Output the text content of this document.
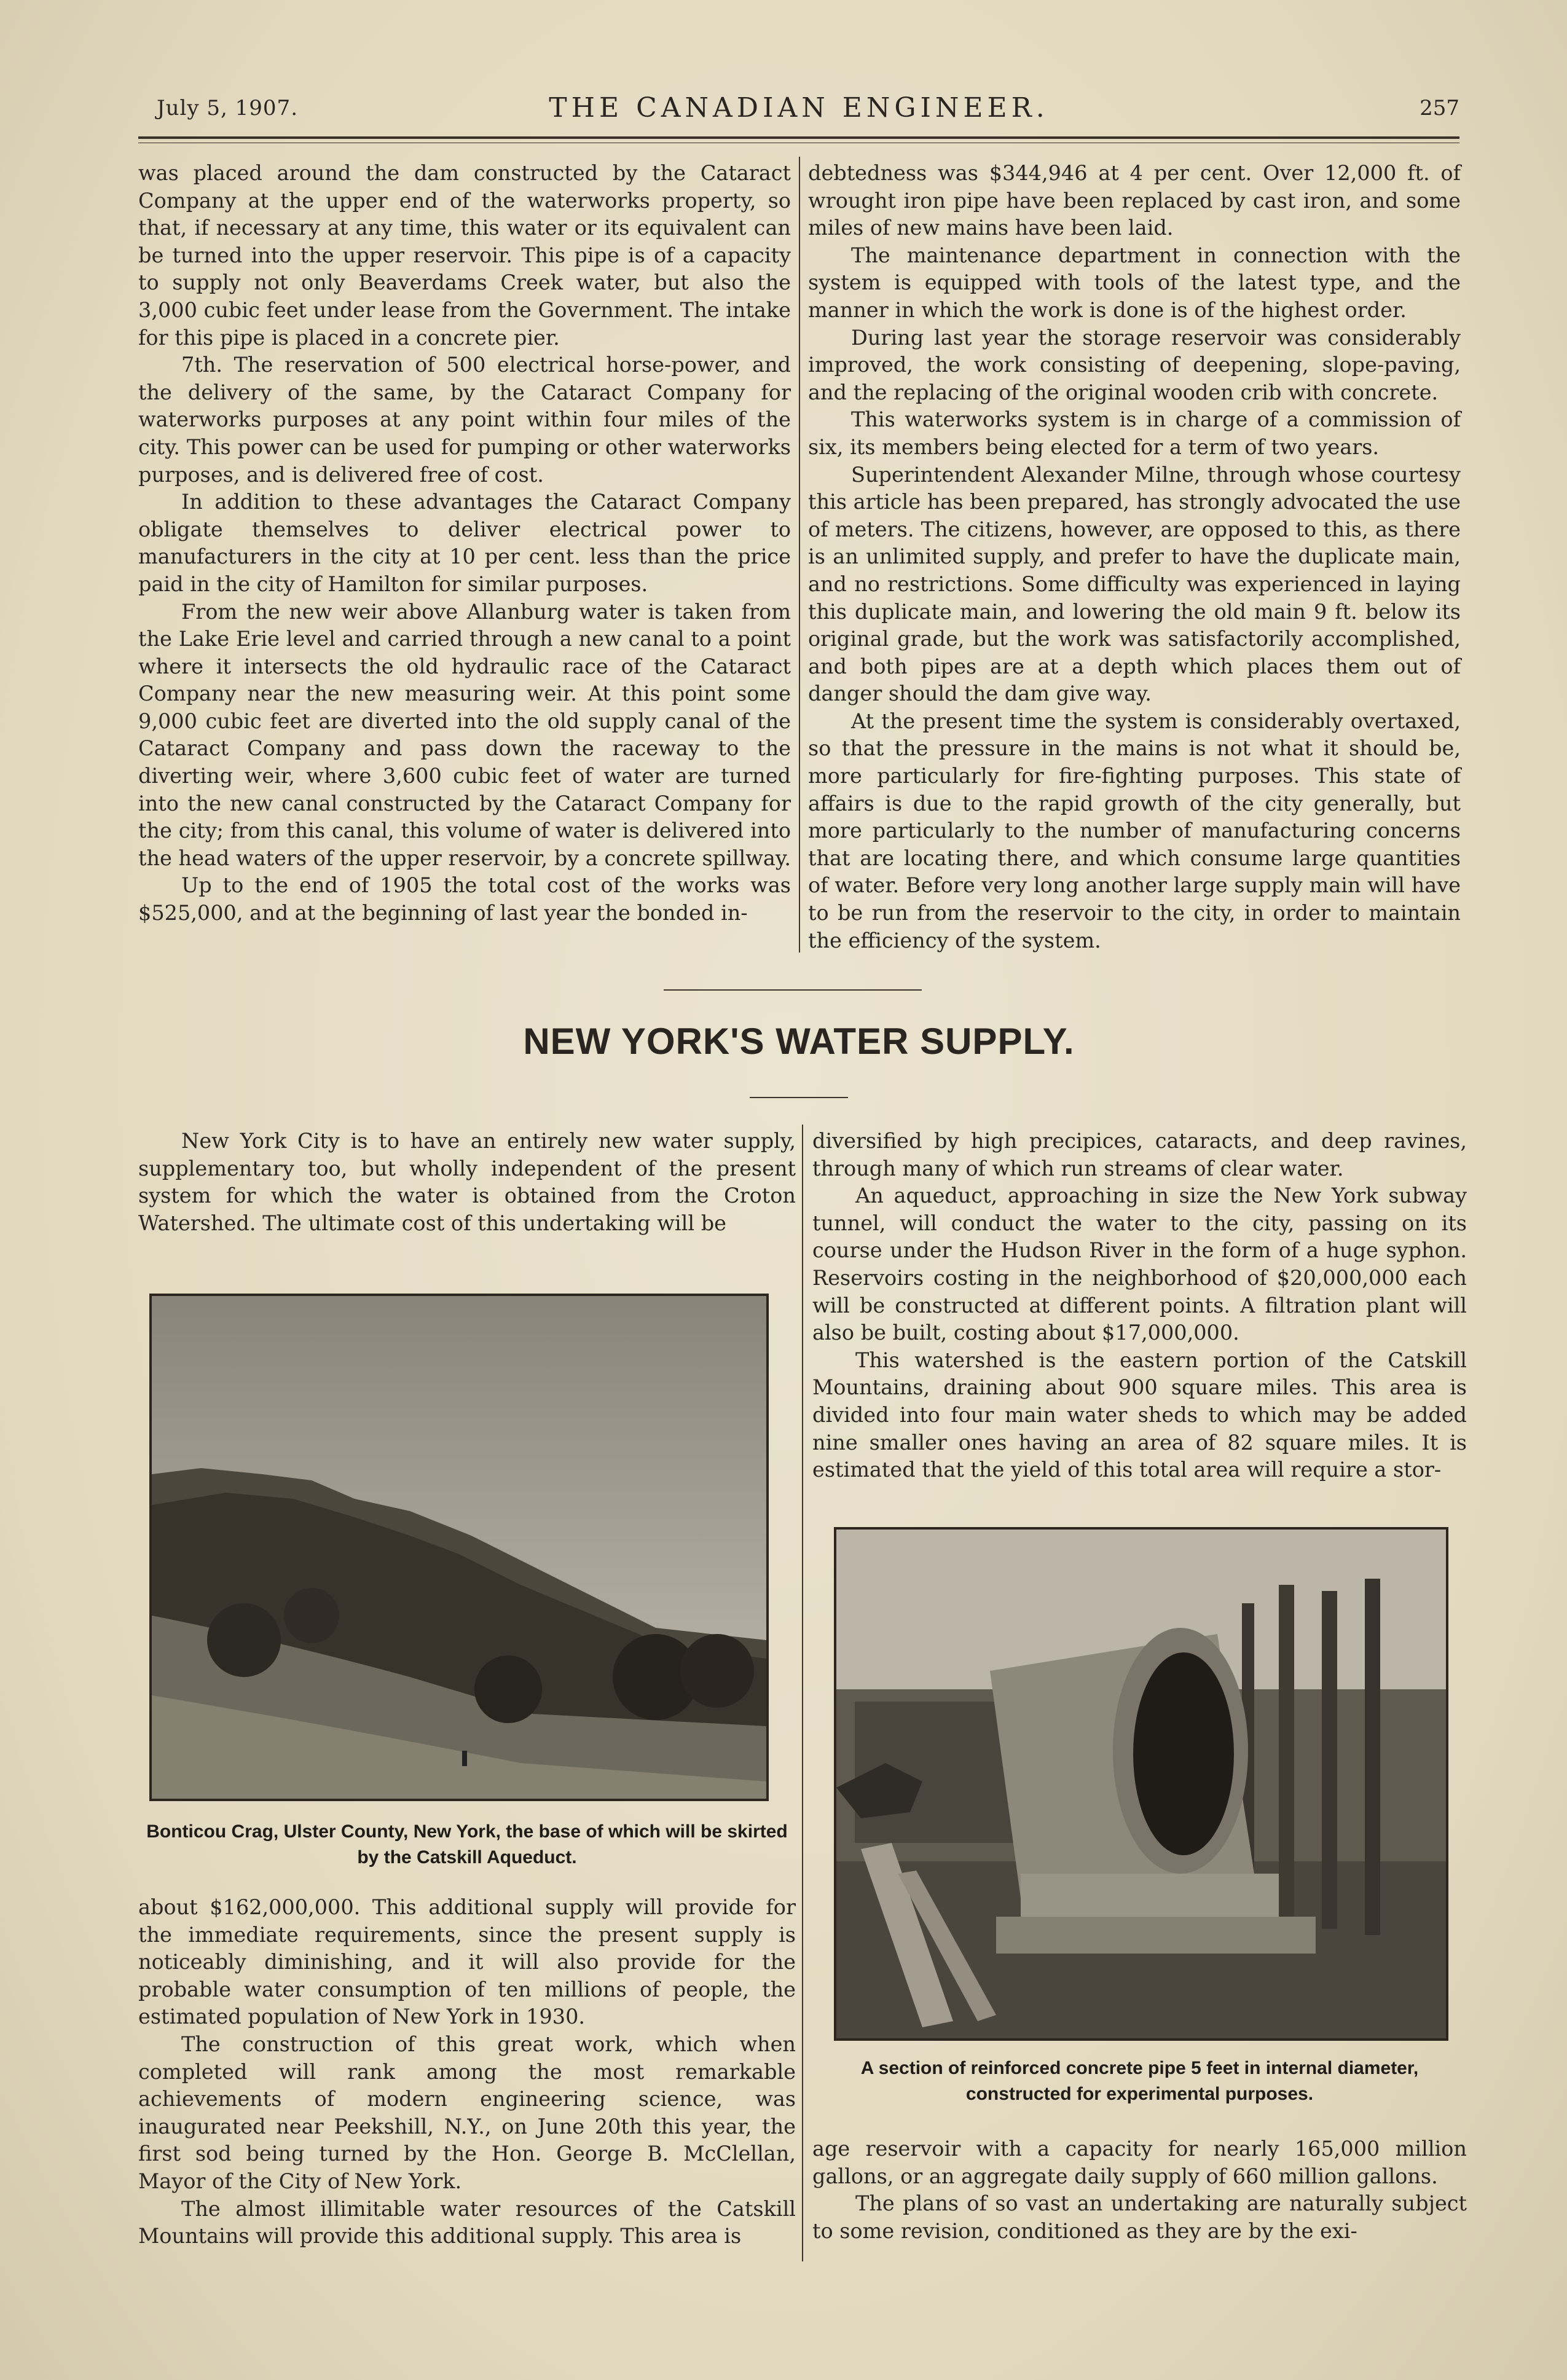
July 5, 1907.	THE CANADIAN ENGINEER.	257

was placed around the dam constructed by the Cataract Company at the upper end of the waterworks property, so that, if necessary at any time, this water or its equivalent can be turned into the upper reservoir. This pipe is of a capacity to supply not only Beaverdams Creek water, but also the 3,000 cubic feet under lease from the Government. The intake for this pipe is placed in a concrete pier.

7th. The reservation of 500 electrical horse-power, and the delivery of the same, by the Cataract Company for waterworks purposes at any point within four miles of the city. This power can be used for pumping or other waterworks purposes, and is delivered free of cost.

In addition to these advantages the Cataract Company obligate themselves to deliver electrical power to manufacturers in the city at 10 per cent. less than the price paid in the city of Hamilton for similar purposes.

From the new weir above Allanburg water is taken from the Lake Erie level and carried through a new canal to a point where it intersects the old hydraulic race of the Cataract Company near the new measuring weir. At this point some 9,000 cubic feet are diverted into the old supply canal of the Cataract Company and pass down the raceway to the diverting weir, where 3,600 cubic feet of water are turned into the new canal constructed by the Cataract Company for the city; from this canal, this volume of water is delivered into the head waters of the upper reservoir, by a concrete spillway.

Up to the end of 1905 the total cost of the works was $525,000, and at the beginning of last year the bonded in-

debtedness was $344,946 at 4 per cent. Over 12,000 ft. of wrought iron pipe have been replaced by cast iron, and some miles of new mains have been laid.

The maintenance department in connection with the system is equipped with tools of the latest type, and the manner in which the work is done is of the highest order.

During last year the storage reservoir was considerably improved, the work consisting of deepening, slope-paving, and the replacing of the original wooden crib with concrete.

This waterworks system is in charge of a commission of six, its members being elected for a term of two years.

Superintendent Alexander Milne, through whose courtesy this article has been prepared, has strongly advocated the use of meters. The citizens, however, are opposed to this, as there is an unlimited supply, and prefer to have the duplicate main, and no restrictions. Some difficulty was experienced in laying this duplicate main, and lowering the old main 9 ft. below its original grade, but the work was satisfactorily accomplished, and both pipes are at a depth which places them out of danger should the dam give way.

At the present time the system is considerably overtaxed, so that the pressure in the mains is not what it should be, more particularly for fire-fighting purposes. This state of affairs is due to the rapid growth of the city generally, but more particularly to the number of manufacturing concerns that are locating there, and which consume large quantities of water. Before very long another large supply main will have to be run from the reservoir to the city, in order to maintain the efficiency of the system.

NEW YORK'S WATER SUPPLY.

New York City is to have an entirely new water supply, supplementary too, but wholly independent of the present system for which the water is obtained from the Croton Watershed. The ultimate cost of this undertaking will be

Bonticou Crag, Ulster County, New York, the base of which will be skirted by the Catskill Aqueduct.

about $162,000,000. This additional supply will provide for the immediate requirements, since the present supply is noticeably diminishing, and it will also provide for the probable water consumption of ten millions of people, the estimated population of New York in 1930.

The construction of this great work, which when completed will rank among the most remarkable achievements of modern engineering science, was inaugurated near Peekshill, N.Y., on June 20th this year, the first sod being turned by the Hon. George B. McClellan, Mayor of the City of New York.

The almost illimitable water resources of the Catskill Mountains will provide this additional supply. This area is

diversified by high precipices, cataracts, and deep ravines, through many of which run streams of clear water.

An aqueduct, approaching in size the New York subway tunnel, will conduct the water to the city, passing on its course under the Hudson River in the form of a huge syphon. Reservoirs costing in the neighborhood of $20,000,000 each will be constructed at different points. A filtration plant will also be built, costing about $17,000,000.

This watershed is the eastern portion of the Catskill Mountains, draining about 900 square miles. This area is divided into four main water sheds to which may be added nine smaller ones having an area of 82 square miles. It is estimated that the yield of this total area will require a stor-

A section of reinforced concrete pipe 5 feet in internal diameter, constructed for experimental purposes.

age reservoir with a capacity for nearly 165,000 million gallons, or an aggregate daily supply of 660 million gallons.

The plans of so vast an undertaking are naturally subject to some revision, conditioned as they are by the exi-
